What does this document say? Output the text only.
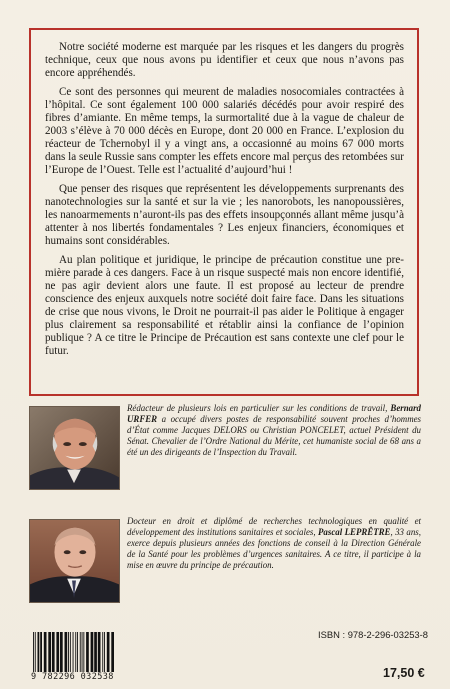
Notre société moderne est marquée par les risques et les dangers du progrès technique, ceux que nous avons pu identifier et ceux que nous n’avons pas encore appréhendés.

Ce sont des personnes qui meurent de maladies nosocomiales contractées à l’hôpital. Ce sont également 100 000 salariés décédés pour avoir respiré des fibres d’amiante. En même temps, la surmortalité due à la vague de chaleur de 2003 s’élève à 70 000 décès en Europe, dont 20 000 en France. L’explosion du réacteur de Tchernobyl il y a vingt ans, a occasionné au moins 67 000 morts dans la seule Russie sans compter les effets encore mal perçus des retombées sur l’Europe de l’Ouest. Telle est l’actualité d’aujourd’hui !

Que penser des risques que représentent les développements surprenants des nanotechnologies sur la santé et sur la vie ; les nanorobots, les nanopoussières, les nanoarmements n’auront-ils pas des effets insoupçonnés allant même jusqu’à attenter à nos libertés fondamentales ? Les enjeux financiers, économiques et humains sont considérables.

Au plan politique et juridique, le principe de précaution constitue une première parade à ces dangers. Face à un risque suspecté mais non encore identifié, ne pas agir devient alors une faute. Il est proposé au lecteur de prendre conscience des enjeux auxquels notre société doit faire face. Dans les situations de crise que nous vivons, le Droit ne pourrait-il pas aider le Politique à engager plus clairement sa responsabilité et rétablir ainsi la confiance de l’opinion publique ? A ce titre le Principe de Précaution est sans contexte une clef pour le futur.

Rédacteur de plusieurs lois en particulier sur les conditions de travail, Bernard URFER a occupé divers postes de responsabilité souvent proches d’hommes d’État comme Jacques DELORS ou Christian PONCELET, actuel Président du Sénat. Chevalier de l’Ordre National du Mérite, cet humaniste social de 68 ans a été un des dirigeants de l’Inspection du Travail.
Docteur en droit et diplômé de recherches technologiques en qualité et développement des institutions sanitaires et sociales, Pascal LEPRÊTRE, 33 ans, exerce depuis plusieurs années des fonctions de conseil à la Direction Générale de la Santé pour les problèmes d’urgences sanitaires. A ce titre, il participe à la mise en œuvre du principe de précaution.
9 782296 032538
ISBN : 978-2-296-03253-8
17,50 €
